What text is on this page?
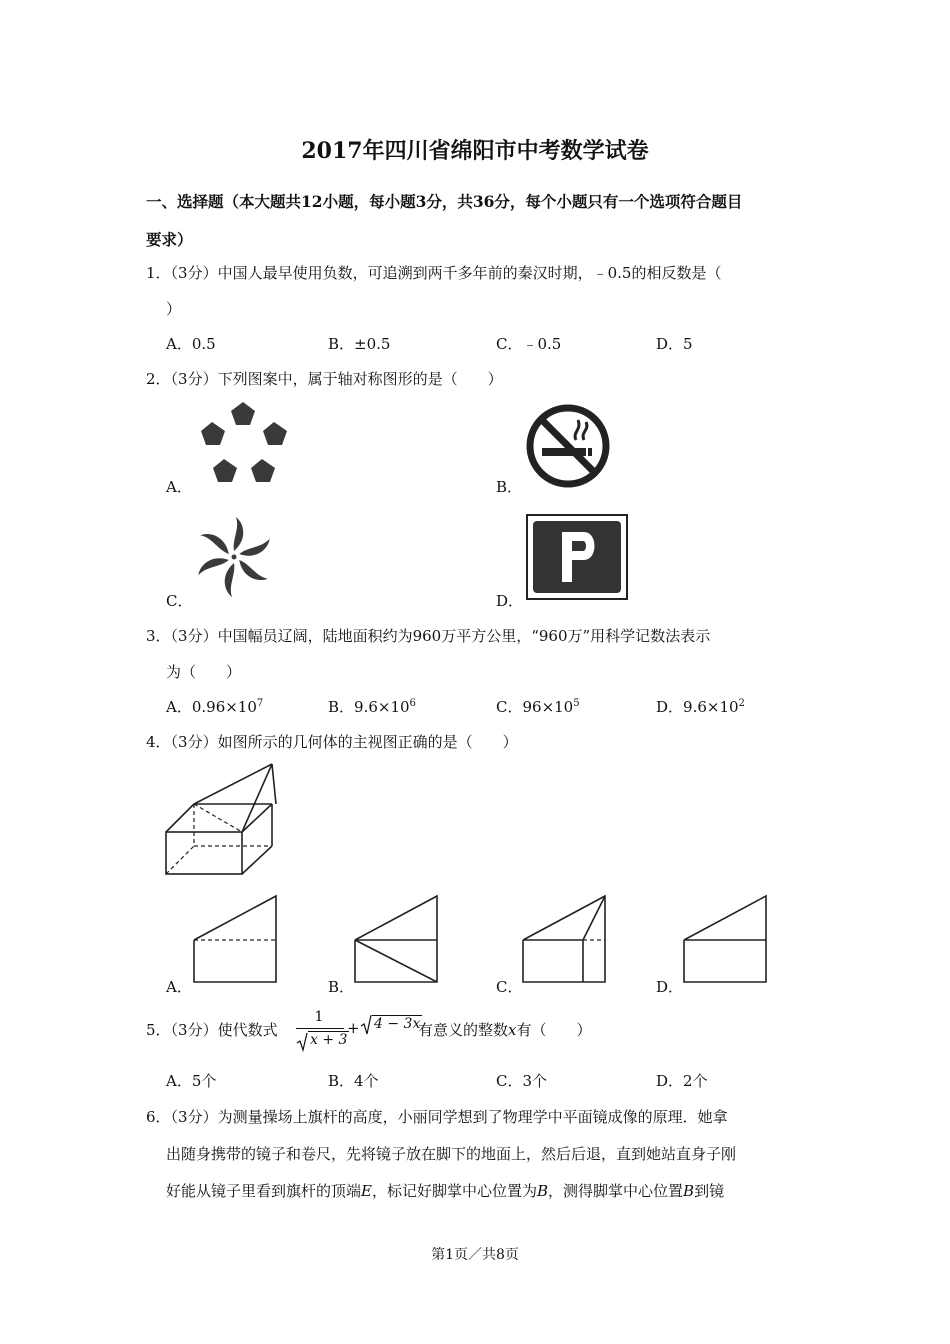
2017年四川省绵阳市中考数学试卷
一、选择题（本大题共12小题，每小题3分，共36分，每个小题只有一个选项符合题目
要求）
1．（3分）中国人最早使用负数，可追溯到两千多年前的秦汉时期，﹣0.5的相反数是（
）
A．0.5	B．±0.5	C．﹣0.5	D．5
2．（3分）下列图案中，属于轴对称图形的是（　　）
A．	B．
C．	D．
3．（3分）中国幅员辽阔，陆地面积约为960万平方公里，“960万”用科学记数法表示
为（　　）
A．$0.96\times 10^7$	B．$9.6\times 10^6$	C．$96\times 10^5$	D．$9.6\times 10^2$
4．（3分）如图所示的几何体的主视图正确的是（　　）
A．	B．	C．	D．
5．（3分）使代数式
1
x + 3
+ 4 − 3x
有意义的整数x有（　　）
A．5个	B．4个	C．3个	D．2个
6．（3分）为测量操场上旗杆的高度，小丽同学想到了物理学中平面镜成像的原理．她拿
出随身携带的镜子和卷尺，先将镜子放在脚下的地面上，然后后退，直到她站直身子刚
好能从镜子里看到旗杆的顶端E，标记好脚掌中心位置为B，测得脚掌中心位置B到镜
第1页／共8页
